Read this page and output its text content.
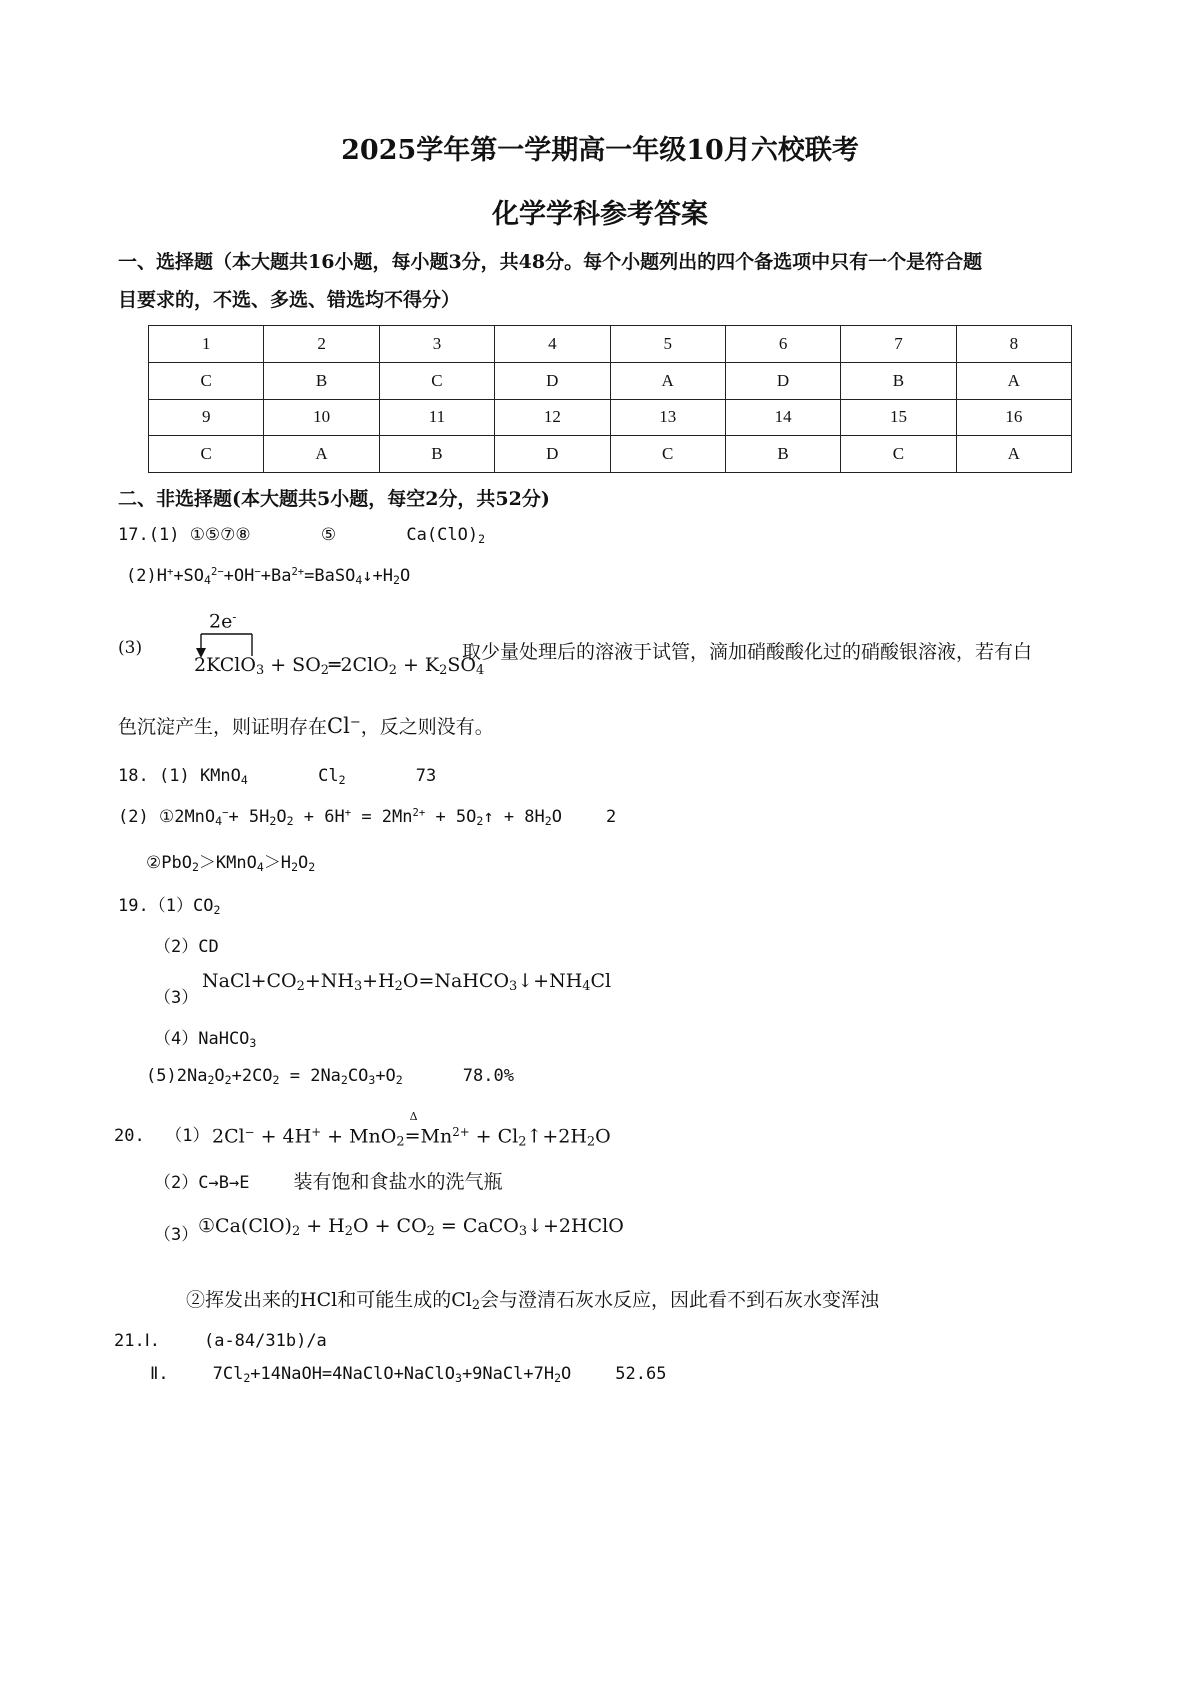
2025学年第一学期高一年级10月六校联考
化学学科参考答案
一、选择题（本大题共16小题，每小题3分，共48分。每个小题列出的四个备选项中只有一个是符合题
目要求的，不选、多选、错选均不得分）
1	2	3	4	5	6	7	8
C	B	C	D	A	D	B	A
9	10	11	12	13	14	15	16
C	A	B	D	C	B	C	A
二、非选择题(本大题共5小题，每空2分，共52分)
17.(1) ①⑤⑦⑧	⑤	$Ca(ClO)_2$
$(2)H^++SO_4^{2-}+OH^-+Ba^{2+}=BaSO_4↓+H_2O$
(3)
2e-
2KClO$_3$ + $SO_2═2ClO_2 + K_2SO_4$
取少量处理后的溶液于试管，滴加硝酸酸化过的硝酸银溶液，若有白
色沉淀产生，则证明存在Cl−，反之则没有。
18. (1) KMnO$_4$	$Cl_2$	73
(2) ①2MnO$_4$−+ $5H_2O_2 + 6H^+ = 2Mn^{2+}$ + $5O_2↑ + 8H_2O$	2
$②PbO_2>KMnO_4>H_2O_2$
$19.(1)CO_2$
（2）CD
（3）
$NaCl+CO_2+NH_3+H_2O=NaHCO_3↓+NH_4Cl$
（4）NaHCO$_3$
$(5)2Na_2O_2+2CO_2 = 2Na_2CO_3+O_2$	78.0%
20. （1） 2Cl− + 4H+ + MnO$_2$
Δ
$=Mn^{2+}$ + $Cl_2↑+2H_2O$
（2）C→B→E 装有饱和食盐水的洗气瓶
（3） $①Ca(ClO)_2 + H_2O + CO_2$ = CaCO$_3$↓+2HClO
②挥发出来的HCl和可能生成的$Cl_2$会与澄清石灰水反应，因此看不到石灰水变浑浊
21.Ⅰ.	(a-84/31b)/a
Ⅱ.	$7Cl_2+14NaOH=4NaClO+NaClO_3+9NaCl+7H_2O$	52.65
